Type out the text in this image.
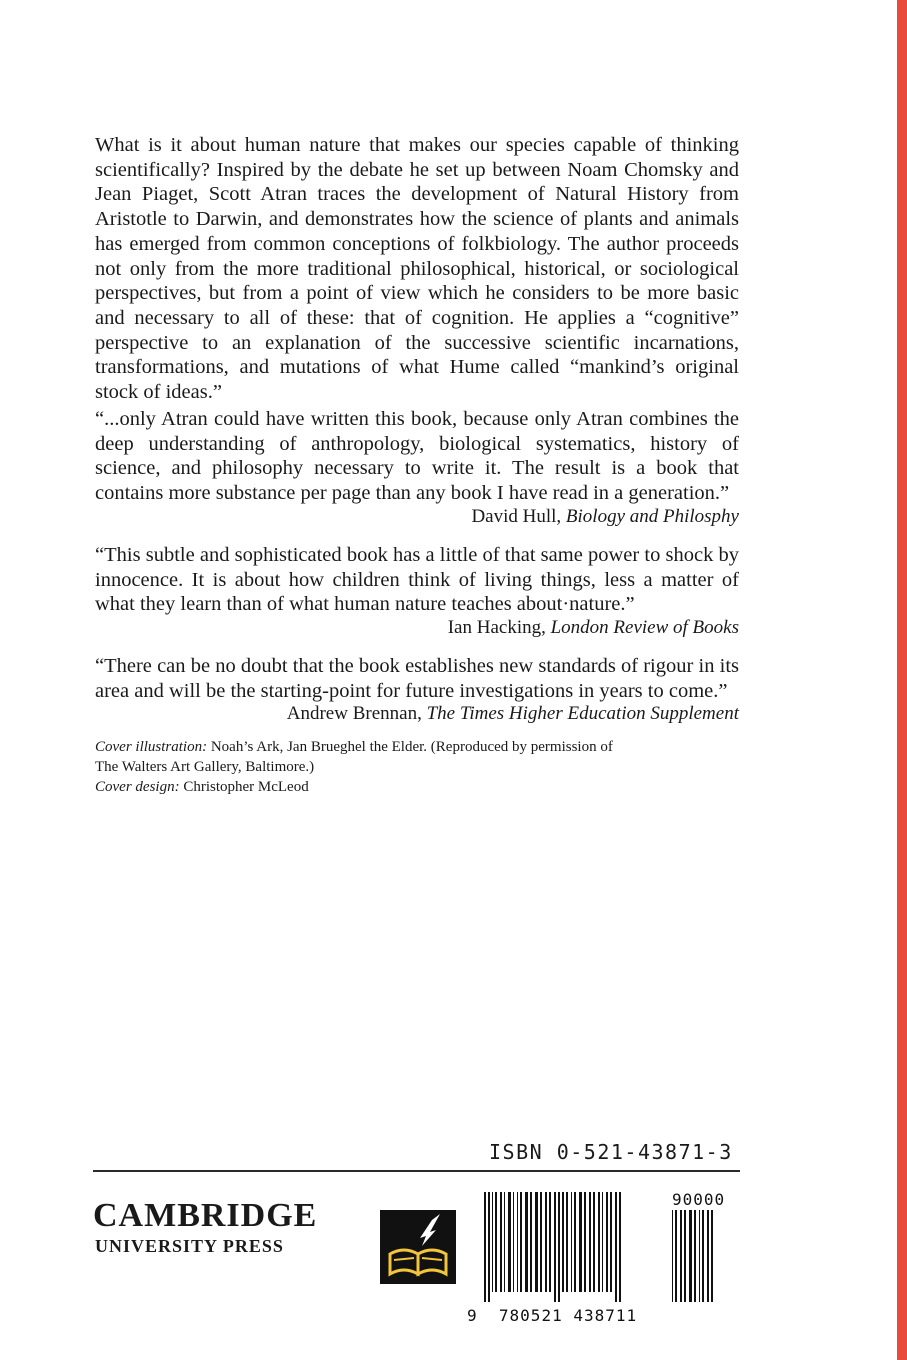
What is it about human nature that makes our species capable of thinking scientifically? Inspired by the debate he set up between Noam Chomsky and Jean Piaget, Scott Atran traces the development of Natural History from Aristotle to Darwin, and demonstrates how the science of plants and animals has emerged from common conceptions of folkbiology. The author proceeds not only from the more traditional philosophical, historical, or sociological perspectives, but from a point of view which he considers to be more basic and necessary to all of these: that of cognition. He applies a “cognitive” perspective to an explanation of the successive scientific incarnations, transformations, and mutations of what Hume called “mankind’s original stock of ideas.”

“...only Atran could have written this book, because only Atran combines the deep understanding of anthropology, biological systematics, history of science, and philosophy necessary to write it. The result is a book that contains more substance per page than any book I have read in a generation.”

David Hull, Biology and Philosphy

“This subtle and sophisticated book has a little of that same power to shock by innocence. It is about how children think of living things, less a matter of what they learn than of what human nature teaches about·nature.”

Ian Hacking, London Review of Books

“There can be no doubt that the book establishes new standards of rigour in its area and will be the starting-point for future investigations in years to come.”

Andrew Brennan, The Times Higher Education Supplement
Cover illustration: Noah’s Ark, Jan Brueghel the Elder. (Reproduced by permission of
The Walters Art Gallery, Baltimore.)
Cover design: Christopher McLeod
ISBN 0-521-43871-3
CAMBRIDGE
UNIVERSITY PRESS
90000
9 780521 438711
